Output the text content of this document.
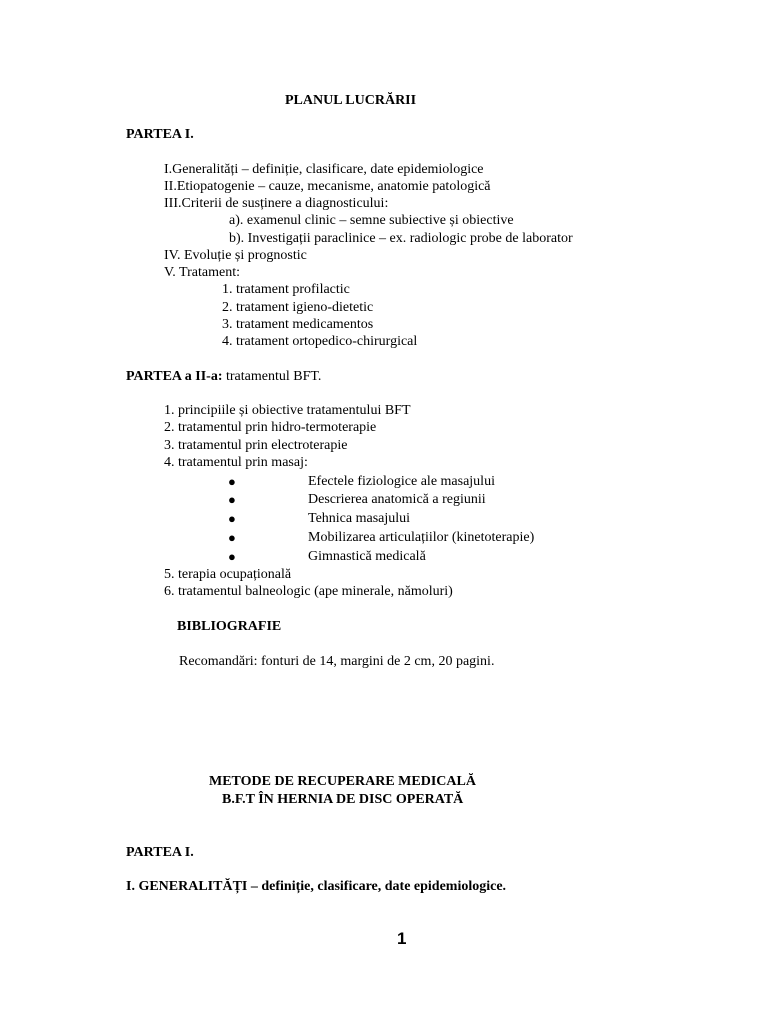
PLANUL LUCRĂRII
PARTEA I.
I.Generalități – definiție, clasificare, date epidemiologice
II.Etiopatogenie – cauze, mecanisme, anatomie patologică
III.Criterii de susținere a diagnosticului:
a). examenul clinic – semne subiective și obiective
b). Investigații paraclinice – ex. radiologic probe de laborator
IV. Evoluție și prognostic
V. Tratament:
1. tratament profilactic
2. tratament igieno-dietetic
3. tratament medicamentos
4. tratament ortopedico-chirurgical
PARTEA a II-a: tratamentul BFT.
1. principiile și obiective tratamentului BFT
2. tratamentul prin hidro-termoterapie
3. tratamentul prin electroterapie
4. tratamentul prin masaj:
●	Efectele fiziologice ale masajului
●	Descrierea anatomică a regiunii
●	Tehnica masajului
●	Mobilizarea articulațiilor (kinetoterapie)
●	Gimnastică medicală
5. terapia ocupațională
6. tratamentul balneologic (ape minerale, nămoluri)
BIBLIOGRAFIE
Recomandări: fonturi de 14, margini de 2 cm, 20 pagini.
METODE DE RECUPERARE MEDICALĂ
B.F.T ÎN HERNIA DE DISC OPERATĂ
PARTEA I.
I. GENERALITĂȚI – definiție, clasificare, date epidemiologice.
1
